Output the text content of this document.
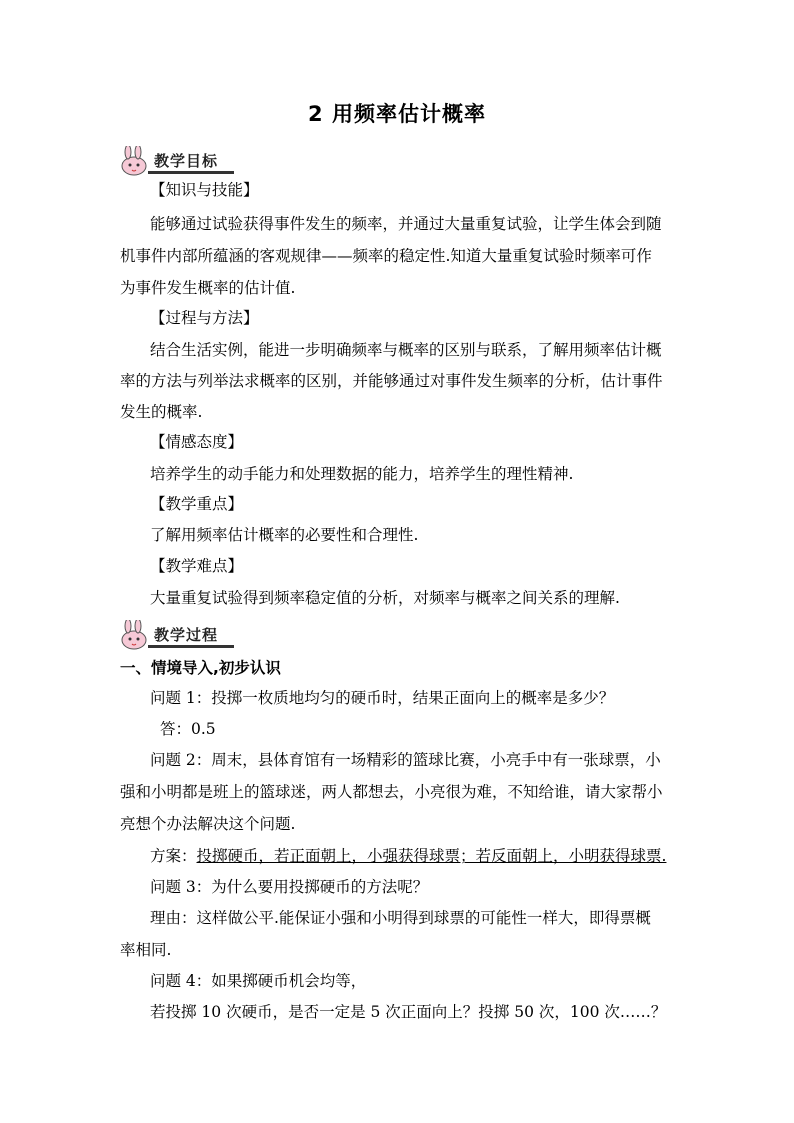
2 用频率估计概率
教学目标
【知识与技能】
能够通过试验获得事件发生的频率，并通过大量重复试验，让学生体会到随
机事件内部所蕴涵的客观规律——频率的稳定性.知道大量重复试验时频率可作
为事件发生概率的估计值.
【过程与方法】
结合生活实例，能进一步明确频率与概率的区别与联系，了解用频率估计概
率的方法与列举法求概率的区别，并能够通过对事件发生频率的分析，估计事件
发生的概率.
【情感态度】
培养学生的动手能力和处理数据的能力，培养学生的理性精神.
【教学重点】
了解用频率估计概率的必要性和合理性.
【教学难点】
大量重复试验得到频率稳定值的分析，对频率与概率之间关系的理解.
教学过程
一、情境导入,初步认识
问题 1：投掷一枚质地均匀的硬币时，结果正面向上的概率是多少？
答：0.5
问题 2：周末，县体育馆有一场精彩的篮球比赛，小亮手中有一张球票，小
强和小明都是班上的篮球迷，两人都想去，小亮很为难，不知给谁，请大家帮小
亮想个办法解决这个问题.
方案：投掷硬币，若正面朝上，小强获得球票；若反面朝上，小明获得球票.
问题 3：为什么要用投掷硬币的方法呢？
理由：这样做公平.能保证小强和小明得到球票的可能性一样大，即得票概
率相同.
问题 4：如果掷硬币机会均等，
若投掷 10 次硬币，是否一定是 5 次正面向上？投掷 50 次，100 次……？
